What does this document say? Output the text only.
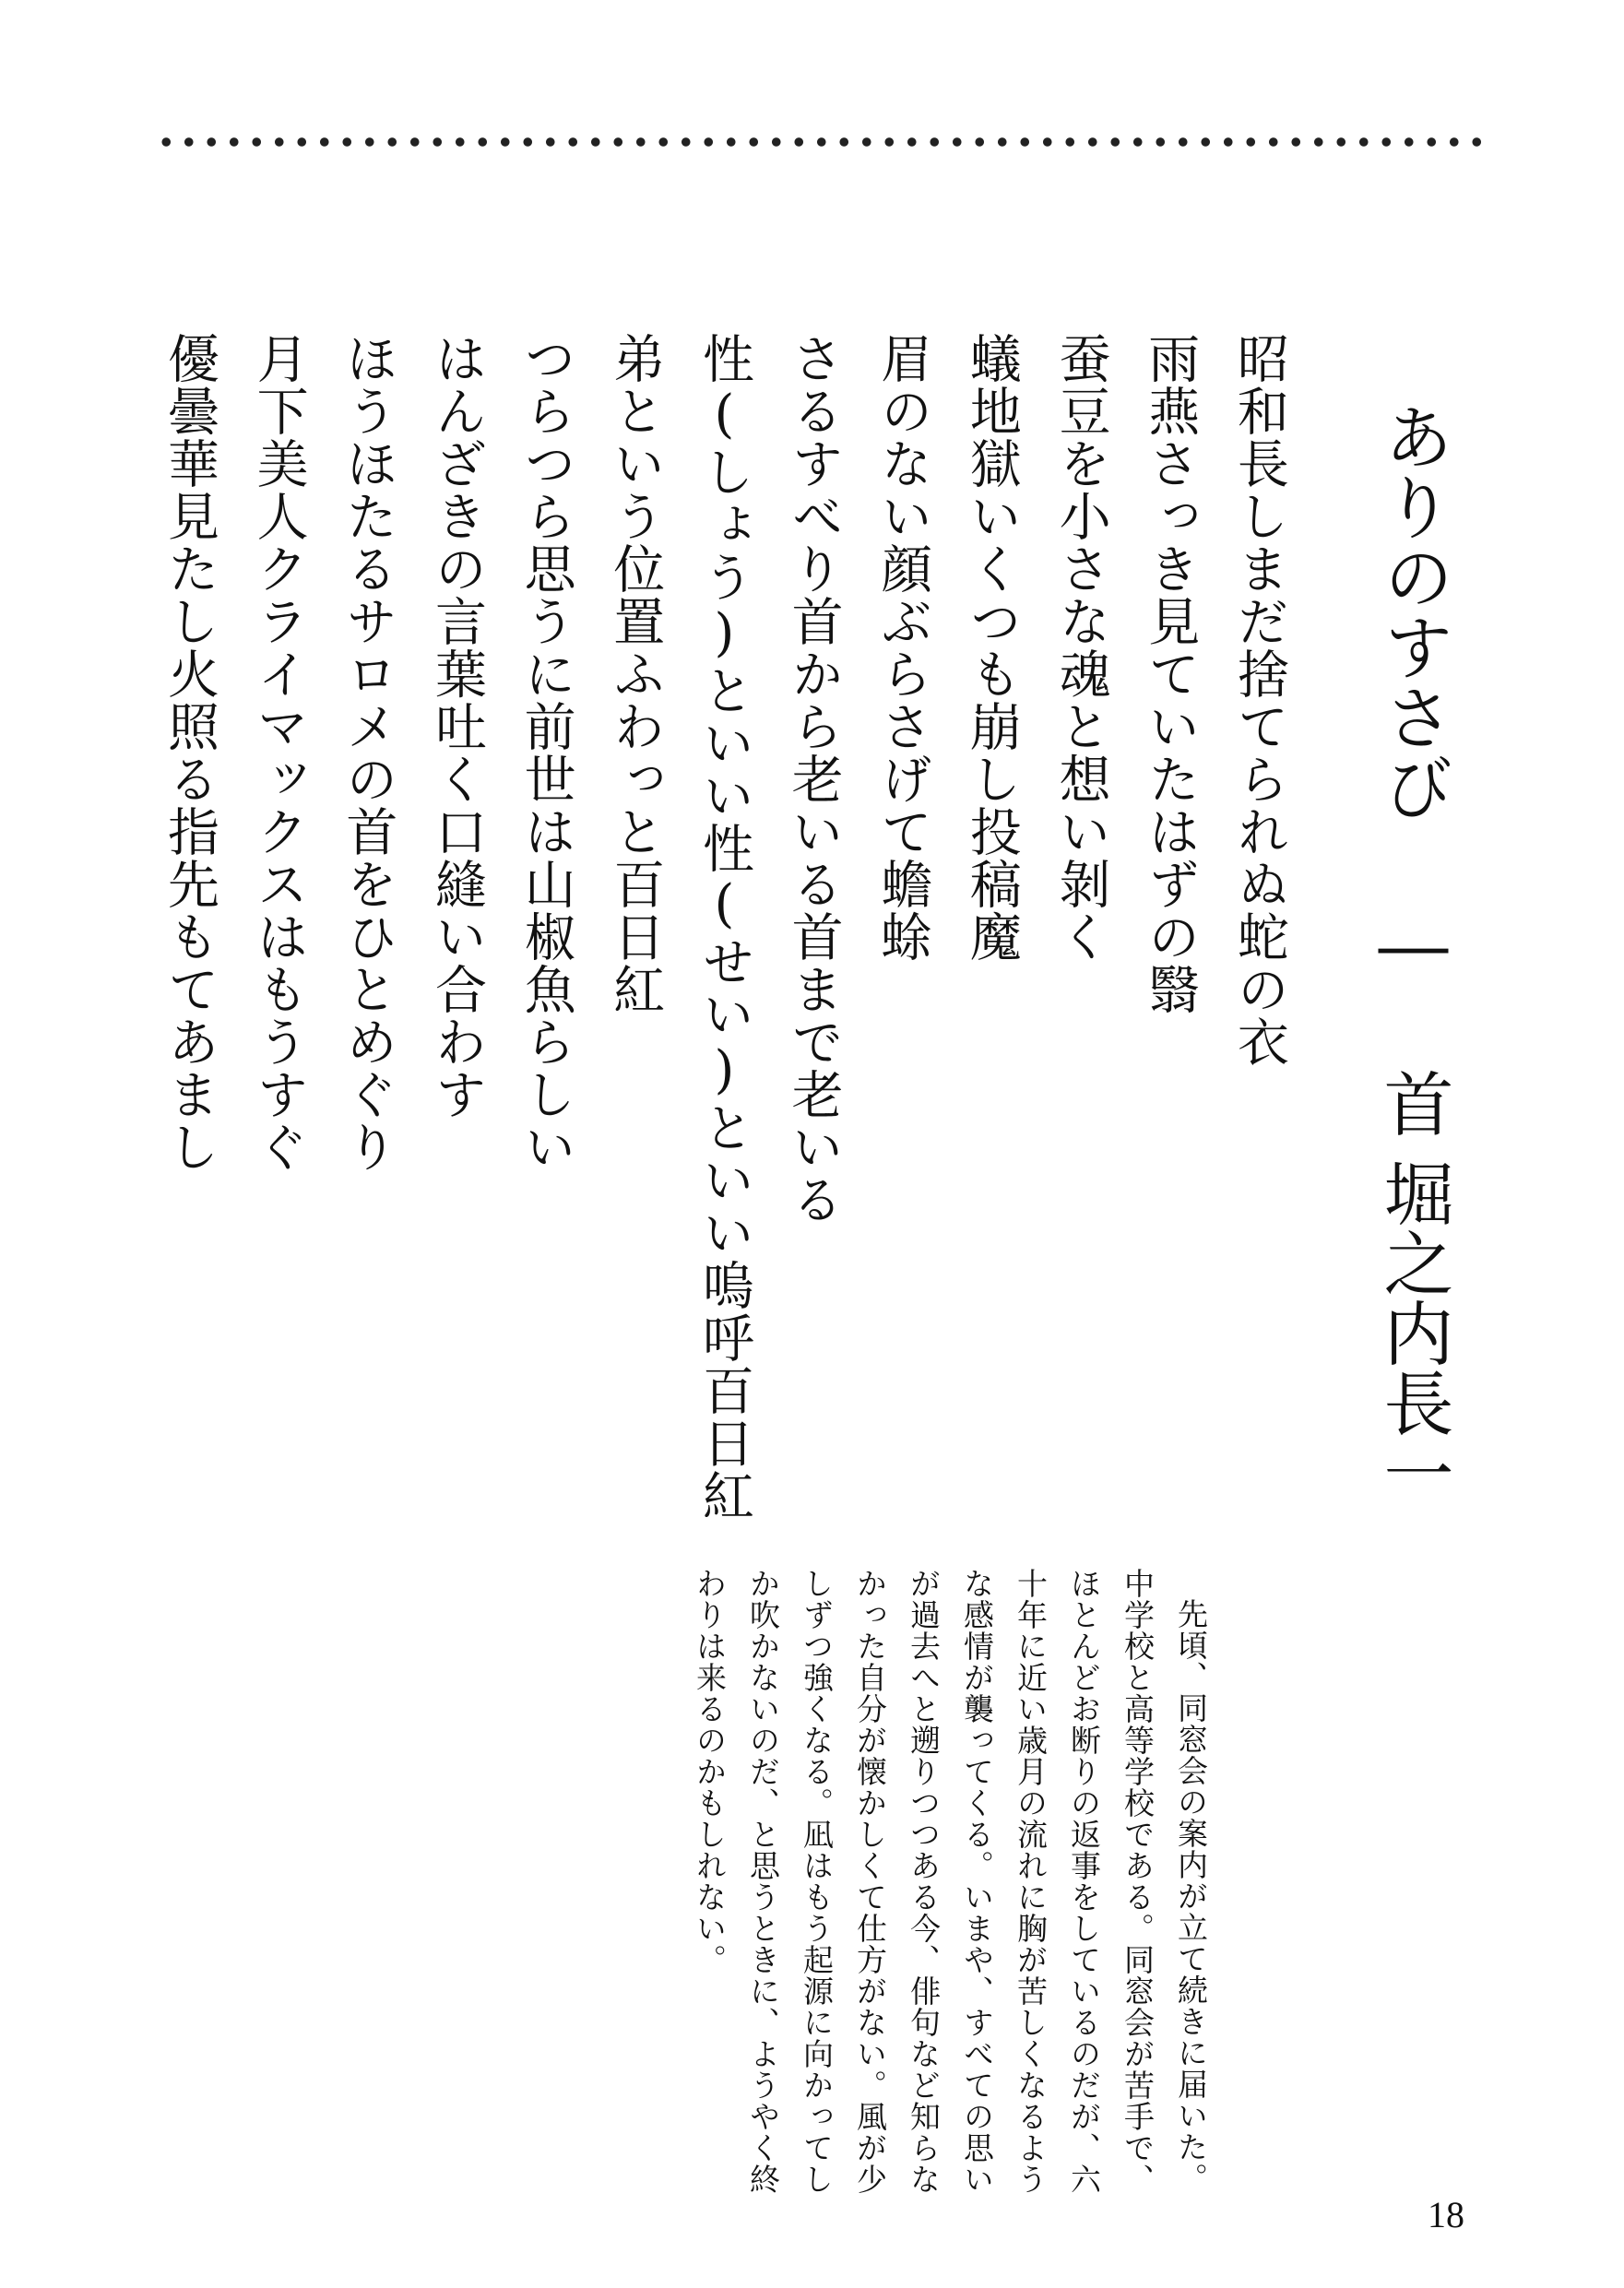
ありのすさび ― 首
堀之内長一
昭和長しまだ捨てられぬ蛇の衣
雨燕さっき見ていたはずの翳
蚕豆を小さな魂と想い剝く
蟻地獄いくつも崩し投稿魔
眉のない顔ぶらさげて蟾蜍
さるすべり首から老いる首まで老いる
性(しょう)といい性(せい)といい嗚呼百日紅
弟という位置ふわっと百日紅
つらつら思うに前世は山椒魚らしい
はんざきの言葉吐く口縫い合わす
ほうほたるサロメの首をひとめぐり
月下美人クライマックスはもうすぐ
優曇華見たし火照る指先もてあまし
先頃、同窓会の案内が立て続きに届いた。中学校と高等学校である。同窓会が苦手で、ほとんどお断りの返事をしているのだが、六十年に近い歳月の流れに胸が苦しくなるような感情が襲ってくる。いまや、すべての思いが過去へと遡りつつある今、俳句など知らなかった自分が懐かしくて仕方がない。風が少しずつ強くなる。凪はもう起源に向かってしか吹かないのだ、と思うときに、ようやく終わりは来るのかもしれない。
18
